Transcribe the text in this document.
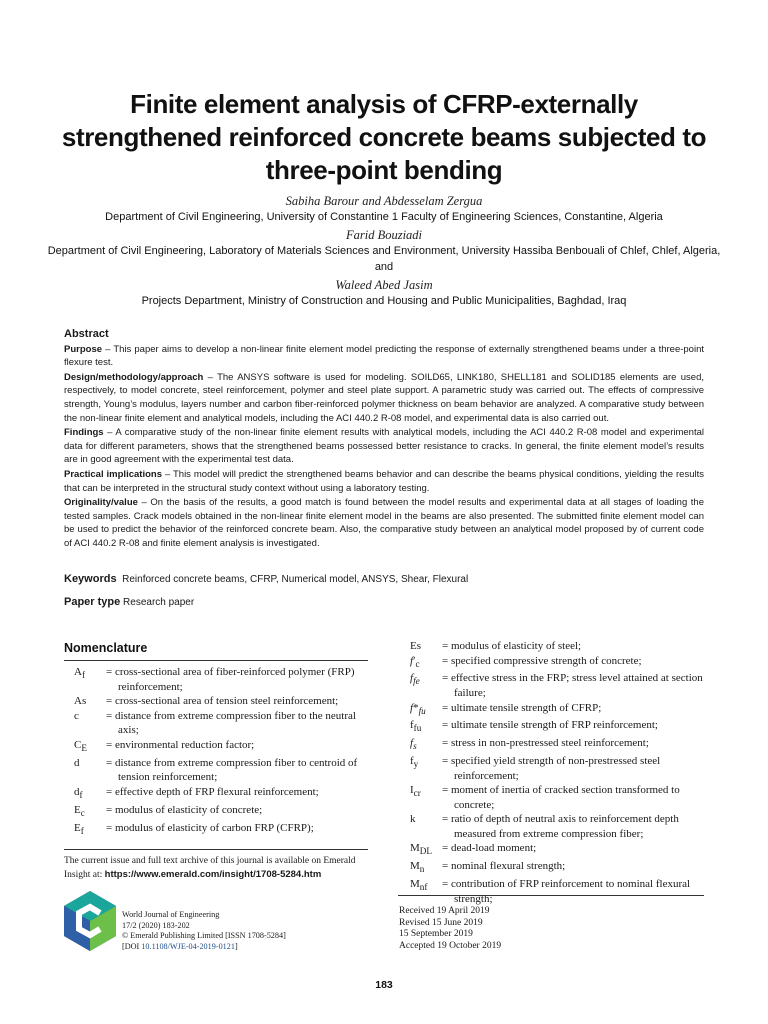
Finite element analysis of CFRP-externally strengthened reinforced concrete beams subjected to three-point bending
Sabiha Barour and Abdesselam Zergua
Department of Civil Engineering, University of Constantine 1 Faculty of Engineering Sciences, Constantine, Algeria
Farid Bouziadi
Department of Civil Engineering, Laboratory of Materials Sciences and Environment, University Hassiba Benbouali of Chlef, Chlef, Algeria, and
Waleed Abed Jasim
Projects Department, Ministry of Construction and Housing and Public Municipalities, Baghdad, Iraq
Abstract

Purpose – This paper aims to develop a non-linear finite element model predicting the response of externally strengthened beams under a three-point flexure test.

Design/methodology/approach – The ANSYS software is used for modeling. SOILD65, LINK180, SHELL181 and SOLID185 elements are used, respectively, to model concrete, steel reinforcement, polymer and steel plate support. A parametric study was carried out. The effects of compressive strength, Young’s modulus, layers number and carbon fiber-reinforced polymer thickness on beam behavior are analyzed. A comparative study between the non-linear finite element and analytical models, including the ACI 440.2 R-08 model, and experimental data is also carried out.

Findings – A comparative study of the non-linear finite element results with analytical models, including the ACI 440.2 R-08 model and experimental data for different parameters, shows that the strengthened beams possessed better resistance to cracks. In general, the finite element model’s results are in good agreement with the experimental test data.

Practical implications – This model will predict the strengthened beams behavior and can describe the beams physical conditions, yielding the results that can be interpreted in the structural study context without using a laboratory testing.

Originality/value – On the basis of the results, a good match is found between the model results and experimental data at all stages of loading the tested samples. Crack models obtained in the non-linear finite element model in the beams are also presented. The submitted finite element model can be used to predict the behavior of the reinforced concrete beam. Also, the comparative study between an analytical model proposed by of current code of ACI 440.2 R-08 and finite element analysis is investigated.

Keywords Reinforced concrete beams, CFRP, Numerical model, ANSYS, Shear, Flexural
Paper type Research paper
Nomenclature
$A_f$	= cross-sectional area of fiber-reinforced polymer (FRP) reinforcement;
As	= cross-sectional area of tension steel reinforcement;
c	= distance from extreme compression fiber to the neutral axis;
$C_E$	= environmental reduction factor;
d	= distance from extreme compression fiber to centroid of tension reinforcement;
$d_f$	= effective depth of FRP flexural reinforcement;
$E_c$	= modulus of elasticity of concrete;
$E_f$	= modulus of elasticity of carbon FRP (CFRP);
Es	= modulus of elasticity of steel;
$f'_c$	= specified compressive strength of concrete;
$f_{fe}$	= effective stress in the FRP; stress level attained at section failure;
$f*_{fu}$	= ultimate tensile strength of CFRP;
$f_{fu}$	= ultimate tensile strength of FRP reinforcement;
$f_s$	= stress in non-prestressed steel reinforcement;
$f_y$	= specified yield strength of non-prestressed steel reinforcement;
$I_{cr}$	= moment of inertia of cracked section transformed to concrete;
k	= ratio of depth of neutral axis to reinforcement depth measured from extreme compression fiber;
$M_{DL}$ = dead-load moment;
$M_n$	= nominal flexural strength;
$M_{nf}$	= contribution of FRP reinforcement to nominal flexural strength;
The current issue and full text archive of this journal is available on Emerald Insight at: https://www.emerald.com/insight/1708-5284.htm
World Journal of Engineering
17/2 (2020) 183-202
© Emerald Publishing Limited [ISSN 1708-5284]
[DOI 10.1108/WJE-04-2019-0121]
Received 19 April 2019
Revised 15 June 2019
15 September 2019
Accepted 19 October 2019
183
